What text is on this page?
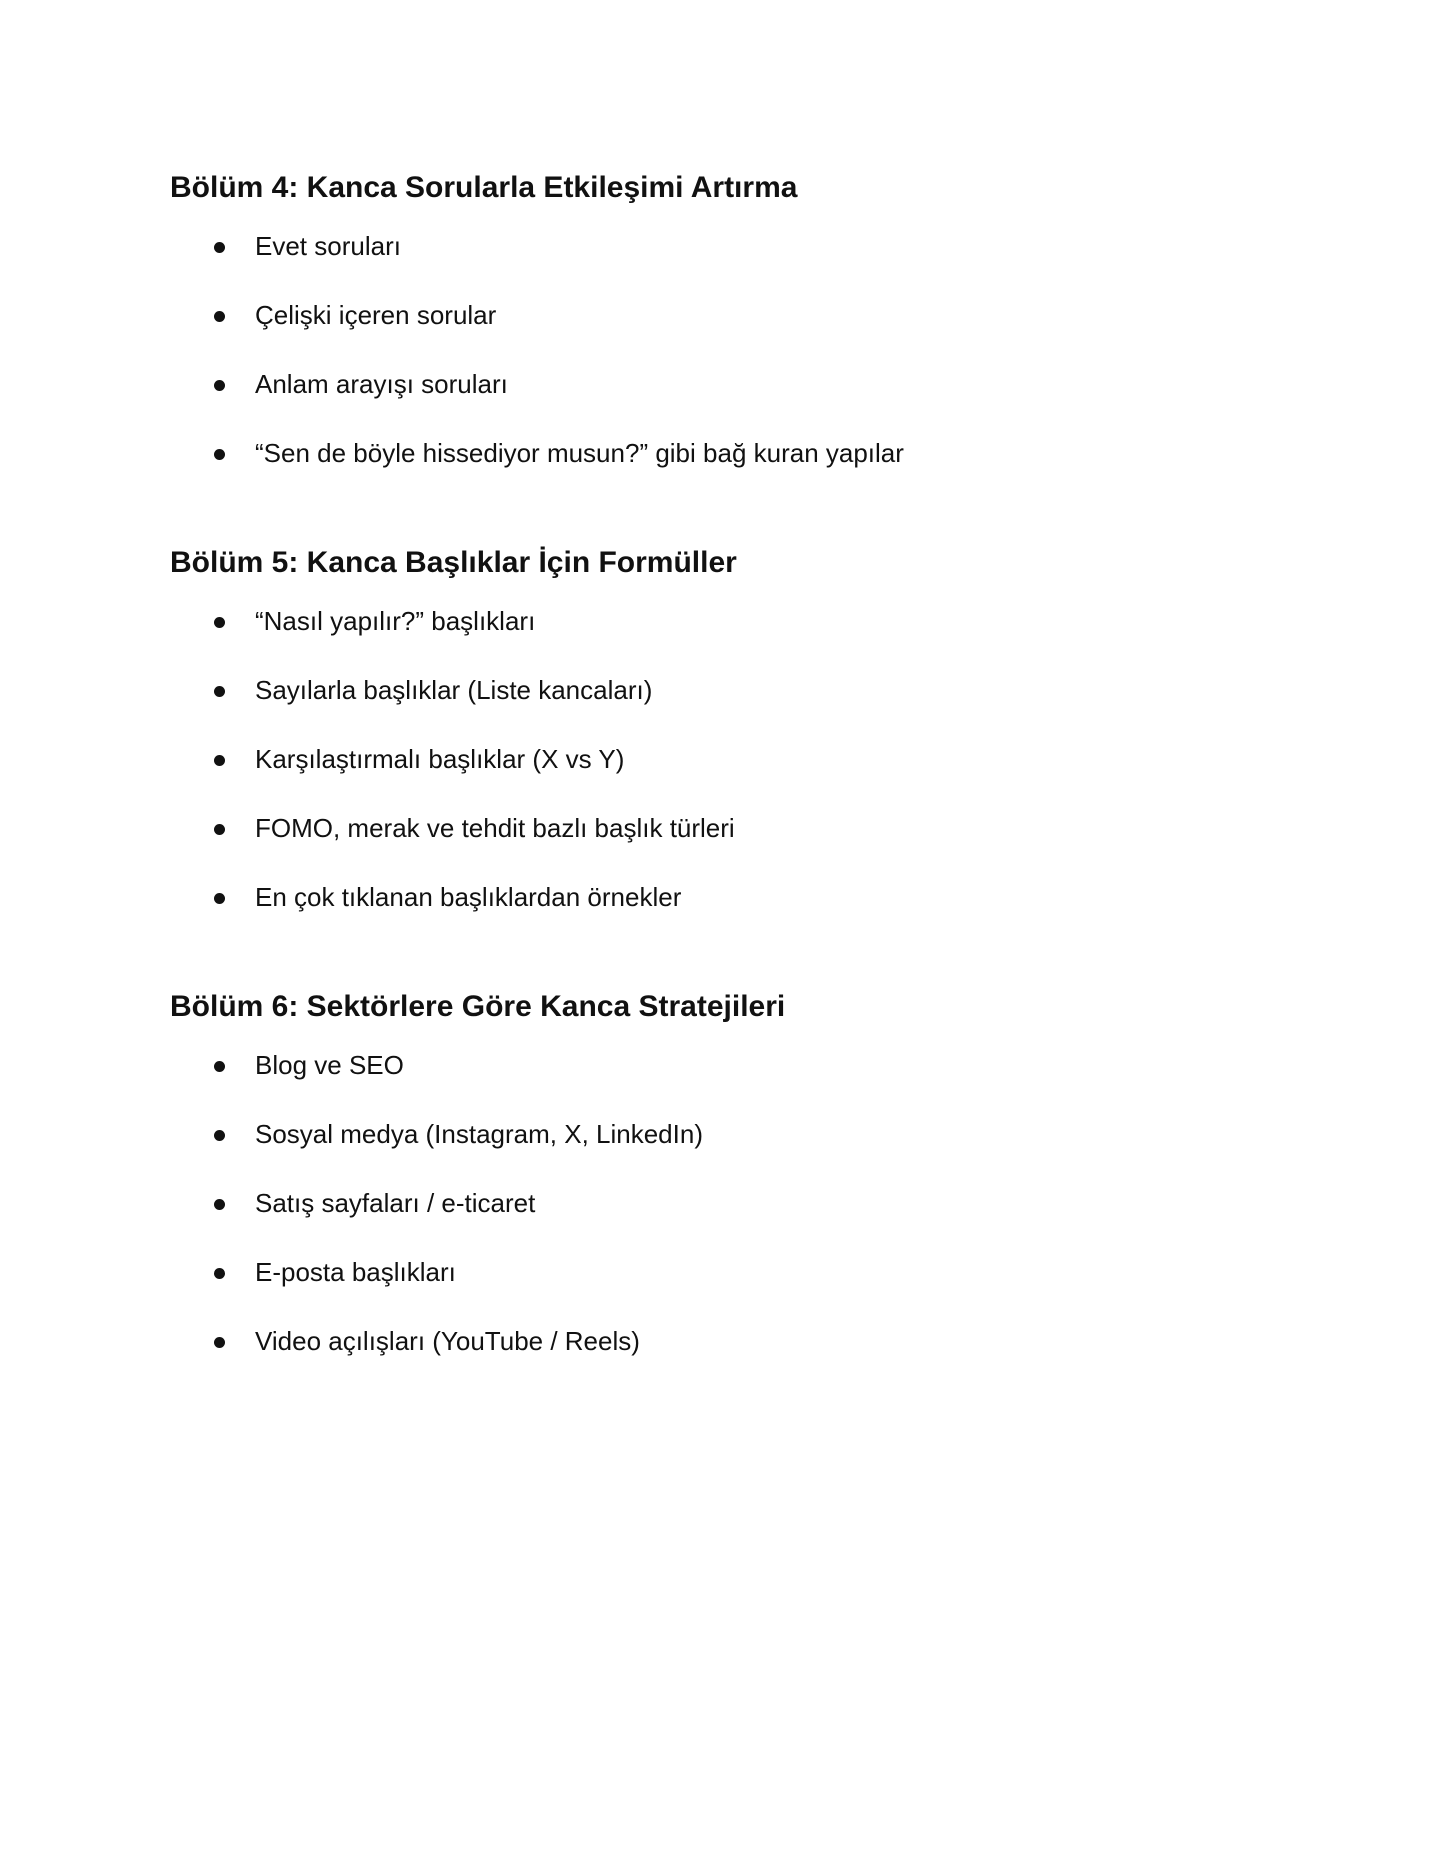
Bölüm 4: Kanca Sorularla Etkileşimi Artırma
Evet soruları
Çelişki içeren sorular
Anlam arayışı soruları
“Sen de böyle hissediyor musun?” gibi bağ kuran yapılar
Bölüm 5: Kanca Başlıklar İçin Formüller
“Nasıl yapılır?” başlıkları
Sayılarla başlıklar (Liste kancaları)
Karşılaştırmalı başlıklar (X vs Y)
FOMO, merak ve tehdit bazlı başlık türleri
En çok tıklanan başlıklardan örnekler
Bölüm 6: Sektörlere Göre Kanca Stratejileri
Blog ve SEO
Sosyal medya (Instagram, X, LinkedIn)
Satış sayfaları / e-ticaret
E-posta başlıkları
Video açılışları (YouTube / Reels)
